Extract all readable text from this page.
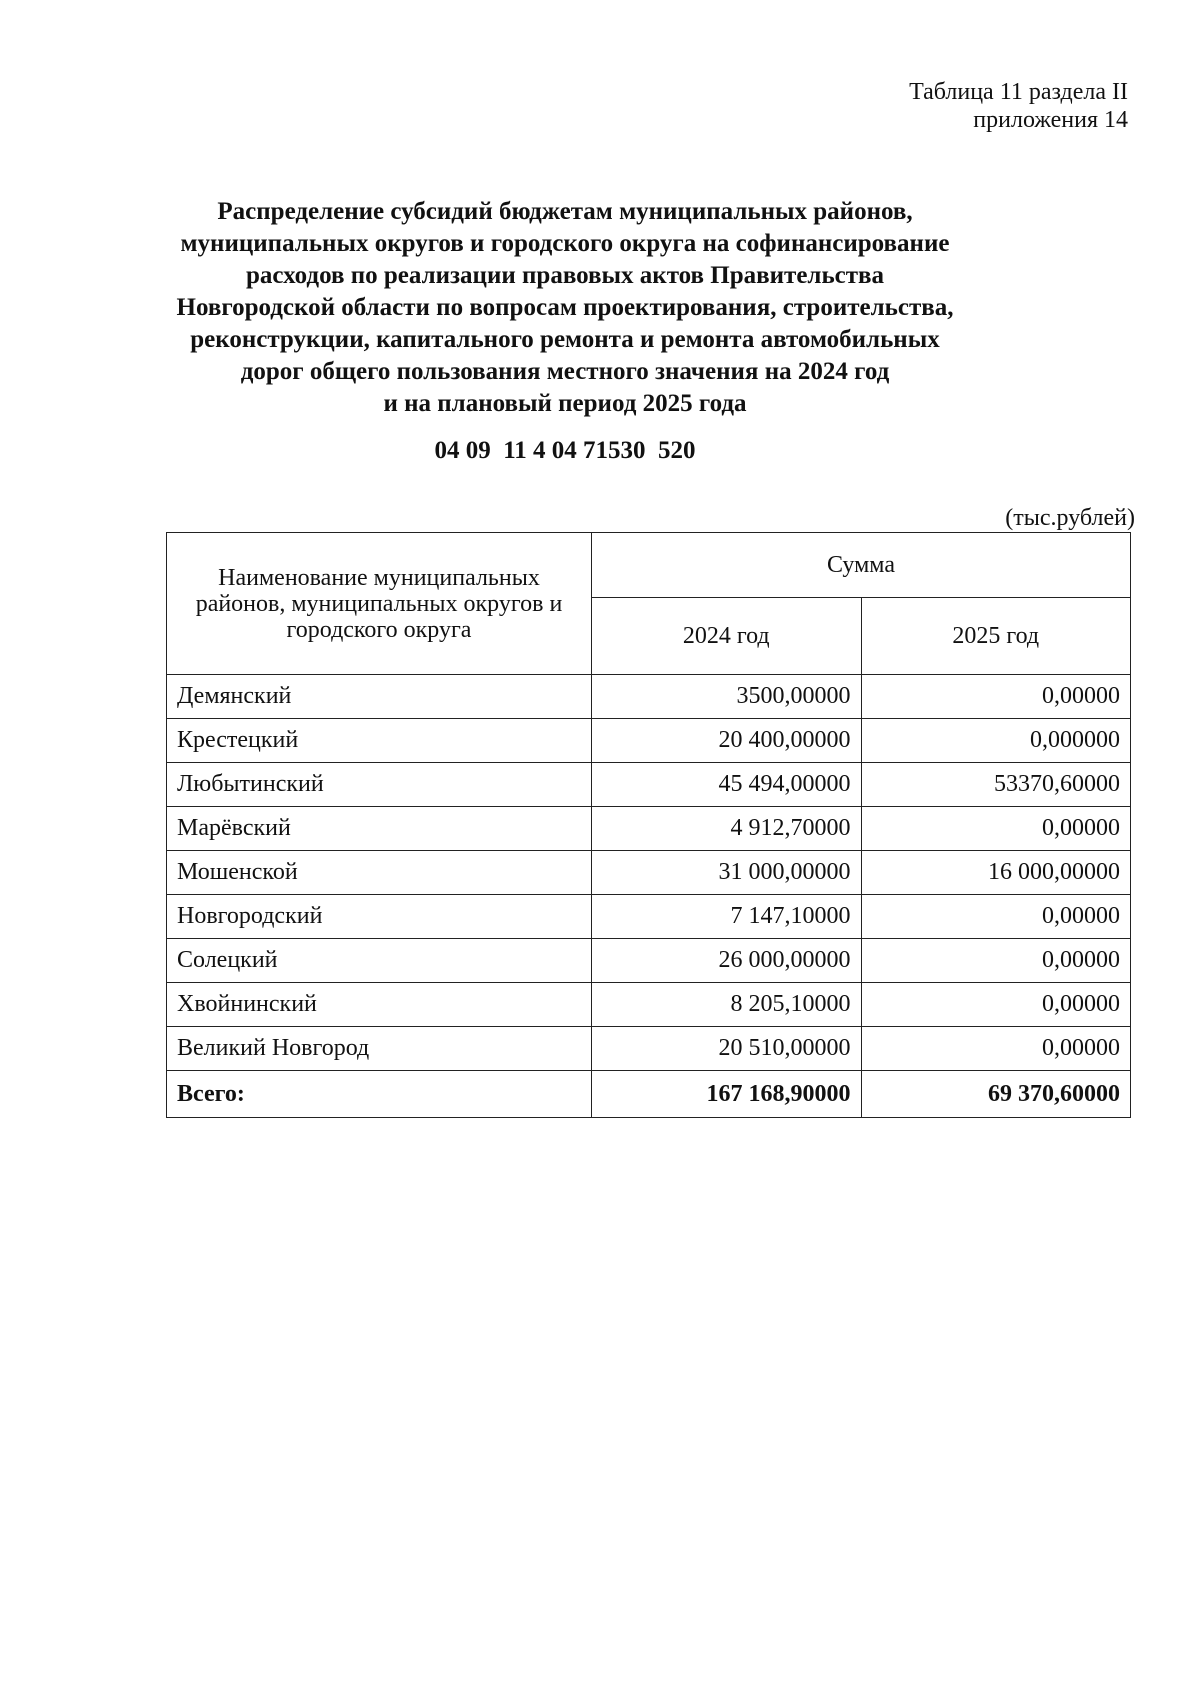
Таблица 11 раздела II
приложения 14
Распределение субсидий бюджетам муниципальных районов,
муниципальных округов и городского округа на софинансирование
расходов по реализации правовых актов Правительства
Новгородской области по вопросам проектирования, строительства,
реконструкции, капитального ремонта и ремонта автомобильных
дорог общего пользования местного значения на 2024 год
и на плановый период 2025 года
04 09  11 4 04 71530  520
(тыс.рублей)
Наименование муниципальных районов, муниципальных округов и городского округа	Сумма	
	2024 год	2025 год
Демянский	3500,00000	0,00000
Крестецкий	20 400,00000	0,000000
Любытинский	45 494,00000	53370,60000
Марёвский	4 912,70000	0,00000
Мошенской	31 000,00000	16 000,00000
Новгородский	7 147,10000	0,00000
Солецкий	26 000,00000	0,00000
Хвойнинский	8 205,10000	0,00000
Великий Новгород	20 510,00000	0,00000
Всего:	167 168,90000	69 370,60000
